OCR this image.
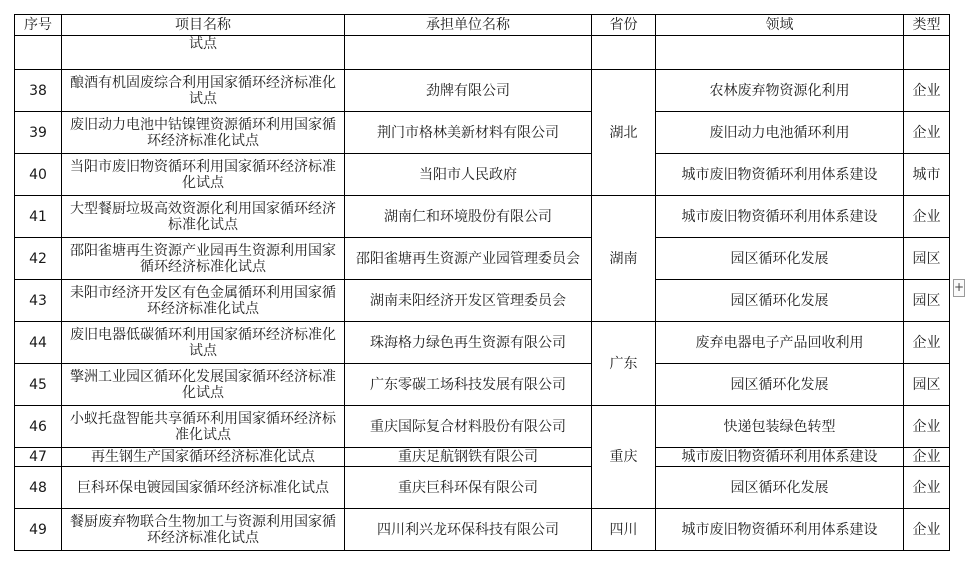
序号	项目名称	承担单位名称	省份	领域	类型
	试点				
38	酿酒有机固废综合利用国家循环经济标准化试点	劲牌有限公司	湖北	农林废弃物资源化利用	企业
39	废旧动力电池中钴镍锂资源循环利用国家循环经济标准化试点	荆门市格林美新材料有限公司		废旧动力电池循环利用	企业
40	当阳市废旧物资循环利用国家循环经济标准化试点	当阳市人民政府		城市废旧物资循环利用体系建设	城市
41	大型餐厨垃圾高效资源化利用国家循环经济标准化试点	湖南仁和环境股份有限公司	湖南	城市废旧物资循环利用体系建设	企业
42	邵阳雀塘再生资源产业园再生资源利用国家循环经济标准化试点	邵阳雀塘再生资源产业园管理委员会		园区循环化发展	园区
43	耒阳市经济开发区有色金属循环利用国家循环经济标准化试点	湖南耒阳经济开发区管理委员会		园区循环化发展	园区
44	废旧电器低碳循环利用国家循环经济标准化试点	珠海格力绿色再生资源有限公司	广东	废弃电器电子产品回收利用	企业
45	擎洲工业园区循环化发展国家循环经济标准化试点	广东零碳工场科技发展有限公司		园区循环化发展	园区
46	小蚁托盘智能共享循环利用国家循环经济标准化试点	重庆国际复合材料股份有限公司	重庆	快递包装绿色转型	企业
47	再生钢生产国家循环经济标准化试点	重庆足航钢铁有限公司		城市废旧物资循环利用体系建设	企业
48	巨科环保电镀园国家循环经济标准化试点	重庆巨科环保有限公司		园区循环化发展	企业
49	餐厨废弃物联合生物加工与资源利用国家循环经济标准化试点	四川利兴龙环保科技有限公司	四川	城市废旧物资循环利用体系建设	企业
+
